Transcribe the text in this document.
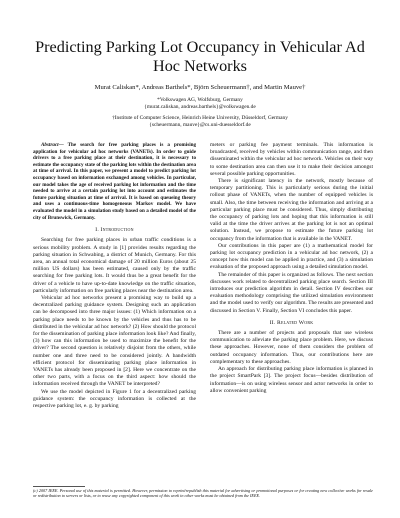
Predicting Parking Lot Occupancy in Vehicular Ad Hoc Networks
Murat Caliskan*, Andreas Barthels*, Björn Scheuermann†, and Martin Mauve†
*Volkswagen AG, Wolfsburg, Germany
{murat.caliskan, andreas.barthels}@volkswagen.de
†Institute of Computer Science, Heinrich Heine University, Düsseldorf, Germany
{scheuermann, mauve}@cs.uni-duesseldorf.de

Abstract— The search for free parking places is a promising application for vehicular ad hoc networks (VANETs). In order to guide drivers to a free parking place at their destination, it is necessary to estimate the occupancy state of the parking lots within the destination area at time of arrival. In this paper, we present a model to predict parking lot occupancy based on information exchanged among vehicles. In particular, our model takes the age of received parking lot information and the time needed to arrive at a certain parking lot into account and estimates the future parking situation at time of arrival. It is based on queueing theory and uses a continuous-time homogeneous Markov model. We have evaluated the model in a simulation study based on a detailed model of the city of Brunswick, Germany.

I. Introduction

Searching for free parking places in urban traffic conditions is a serious mobility problem. A study in [1] provides results regarding the parking situation in Schwabing, a district of Munich, Germany. For this area, an annual total economical damage of 20 million Euros (about 25 million US dollars) has been estimated, caused only by the traffic searching for free parking lots. It would thus be a great benefit for the driver of a vehicle to have up-to-date knowledge on the traffic situation, particularly information on free parking places near the destination area.

Vehicular ad hoc networks present a promising way to build up a decentralized parking guidance system. Designing such an application can be decomposed into three major issues: (1) Which information on a parking place needs to be known by the vehicles and thus has to be distributed in the vehicular ad hoc network? (2) How should the protocol for the dissemination of parking place information look like? And finally, (3) how can this information be used to maximize the benefit for the driver? The second question is relatively disjoint from the others, while number one and three need to be considered jointly. A bandwidth efficient protocol for disseminating parking place information in VANETs has already been proposed in [2]. Here we concentrate on the other two parts, with a focus on the third aspect: how should the information received through the VANET be interpreted?

We use the model depicted in Figure 1 for a decentralized parking guidance system: the occupancy information is collected at the respective parking lot, e. g. by parking

meters or parking fee payment terminals. This information is broadcasted, received by vehicles within communication range, and then disseminated within the vehicular ad hoc network. Vehicles on their way to some destination area can then use it to make their decision amongst several possible parking opportunities.

There is significant latency in the network, mostly because of temporary partitioning. This is particularly serious during the initial rollout phase of VANETs, when the number of equipped vehicles is small. Also, the time between receiving the information and arriving at a particular parking place must be considered. Thus, simply distributing the occupancy of parking lots and hoping that this information is still valid at the time the driver arrives at the parking lot is not an optimal solution. Instead, we propose to estimate the future parking lot occupancy from the information that is available in the VANET.

Our contributions in this paper are (1) a mathematical model for parking lot occupancy prediction in a vehicular ad hoc network, (2) a concept how this model can be applied in practice, and (3) a simulation evaluation of the proposed approach using a detailed simulation model.

The remainder of this paper is organized as follows. The next section discusses work related to decentralized parking place search. Section III introduces our prediction algorithm in detail. Section IV describes our evaluation methodology comprising the utilized simulation environment and the model used to verify our algorithm. The results are presented and discussed in Section V. Finally, Section VI concludes this paper.

II. Related Work

There are a number of projects and proposals that use wireless communication to alleviate the parking place problem. Here, we discuss these approaches. However, none of them considers the problem of outdated occupancy information. Thus, our contributions here are complementary to these approaches.

An approach for distributing parking place information is planned in the project SmartPark [3]. The project focus—besides distribution of information—is on using wireless sensor and actor networks in order to allow convenient parking

(c) 2007 IEEE. Personal use of this material is permitted. However, permission to reprint/republish this material for advertising or promotional purposes or for creating new collective works for resale or redistribution to servers or lists, or to reuse any copyrighted component of this work in other works must be obtained from the IEEE.
